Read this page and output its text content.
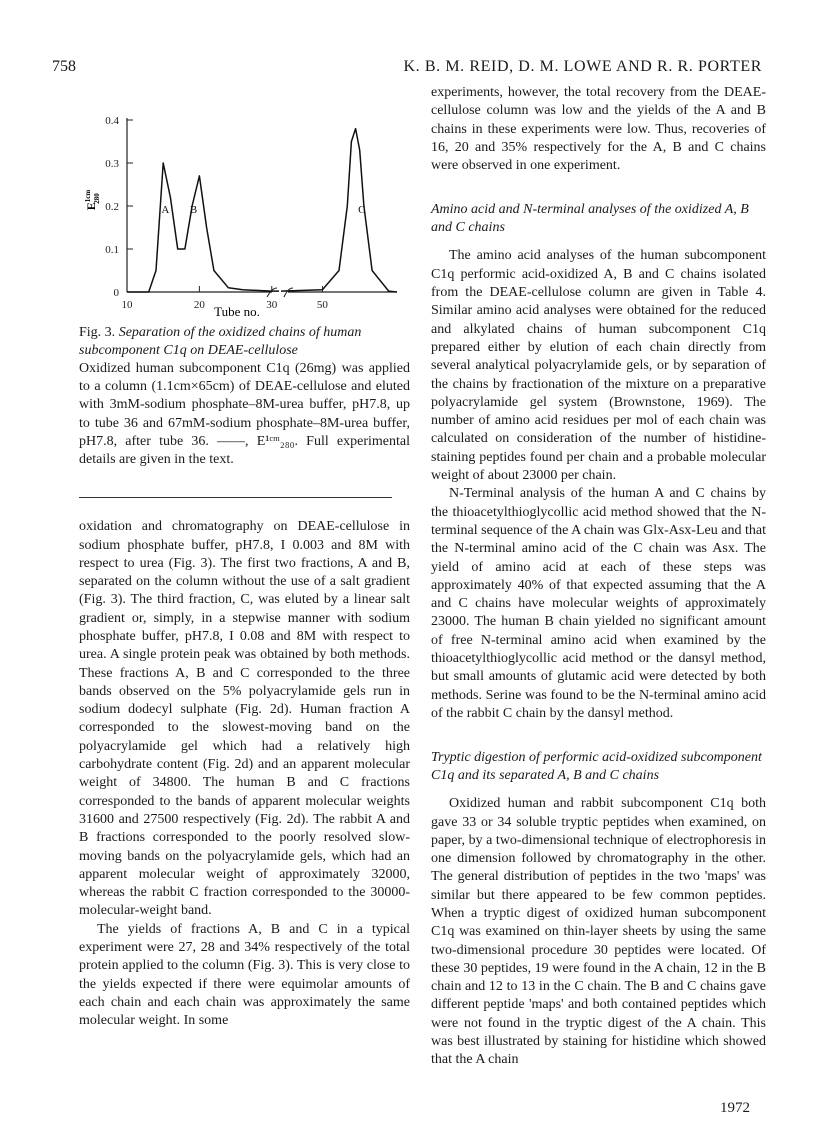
758	K. B. M. REID, D. M. LOWE AND R. R. PORTER
0
0.1
0.2
0.3
0.4
10	20	30	50
A B	C
$E^{1cm}280$
Tube no.

Fig. 3. Separation of the oxidized chains of human subcomponent C1q on DEAE-cellulose

Oxidized human subcomponent C1q (26mg) was applied to a column (1.1cm×65cm) of DEAE-cellulose and eluted with 3mM-sodium phosphate–8M-urea buffer, pH7.8, up to tube 36 and 67mM-sodium phosphate–8M-urea buffer, pH7.8, after tube 36. ——, E¹ᶜᵐ₂₈₀. Full experimental details are given in the text.

oxidation and chromatography on DEAE-cellulose in sodium phosphate buffer, pH7.8, I 0.003 and 8M with respect to urea (Fig. 3). The first two fractions, A and B, separated on the column without the use of a salt gradient (Fig. 3). The third fraction, C, was eluted by a linear salt gradient or, simply, in a stepwise manner with sodium phosphate buffer, pH7.8, I 0.08 and 8M with respect to urea. A single protein peak was obtained by both methods. These fractions A, B and C corresponded to the three bands observed on the 5% polyacrylamide gels run in sodium dodecyl sulphate (Fig. 2d). Human fraction A corresponded to the slowest-moving band on the polyacrylamide gel which had a relatively high carbohydrate content (Fig. 2d) and an apparent molecular weight of 34800. The human B and C fractions corresponded to the bands of apparent molecular weights 31600 and 27500 respectively (Fig. 2d). The rabbit A and B fractions corresponded to the poorly resolved slow-moving bands on the polyacrylamide gels, which had an apparent molecular weight of approximately 32000, whereas the rabbit C fraction corresponded to the 30000-molecular-weight band.

The yields of fractions A, B and C in a typical experiment were 27, 28 and 34% respectively of the total protein applied to the column (Fig. 3). This is very close to the yields expected if there were equimolar amounts of each chain and each chain was approximately the same molecular weight. In some

experiments, however, the total recovery from the DEAE-cellulose column was low and the yields of the A and B chains in these experiments were low. Thus, recoveries of 16, 20 and 35% respectively for the A, B and C chains were observed in one experiment.

Amino acid and N-terminal analyses of the oxidized A, B and C chains

The amino acid analyses of the human subcomponent C1q performic acid-oxidized A, B and C chains isolated from the DEAE-cellulose column are given in Table 4. Similar amino acid analyses were obtained for the reduced and alkylated chains of human subcomponent C1q prepared either by elution of each chain directly from several analytical polyacrylamide gels, or by separation of the chains by fractionation of the mixture on a preparative polyacrylamide gel system (Brownstone, 1969). The number of amino acid residues per mol of each chain was calculated on consideration of the number of histidine-staining peptides found per chain and a probable molecular weight of about 23000 per chain.

N-Terminal analysis of the human A and C chains by the thioacetylthioglycollic acid method showed that the N-terminal sequence of the A chain was Glx-Asx-Leu and that the N-terminal amino acid of the C chain was Asx. The yield of amino acid at each of these steps was approximately 40% of that expected assuming that the A and C chains have molecular weights of approximately 23000. The human B chain yielded no significant amount of free N-terminal amino acid when examined by the thioacetylthioglycollic acid method or the dansyl method, but small amounts of glutamic acid were detected by both methods. Serine was found to be the N-terminal amino acid of the rabbit C chain by the dansyl method.

Tryptic digestion of performic acid-oxidized subcomponent C1q and its separated A, B and C chains

Oxidized human and rabbit subcomponent C1q both gave 33 or 34 soluble tryptic peptides when examined, on paper, by a two-dimensional technique of electrophoresis in one dimension followed by chromatography in the other. The general distribution of peptides in the two 'maps' was similar but there appeared to be few common peptides. When a tryptic digest of oxidized human subcomponent C1q was examined on thin-layer sheets by using the same two-dimensional procedure 30 peptides were located. Of these 30 peptides, 19 were found in the A chain, 12 in the B chain and 12 to 13 in the C chain. The B and C chains gave different peptide 'maps' and both contained peptides which were not found in the tryptic digest of the A chain. This was best illustrated by staining for histidine which showed that the A chain

1972
